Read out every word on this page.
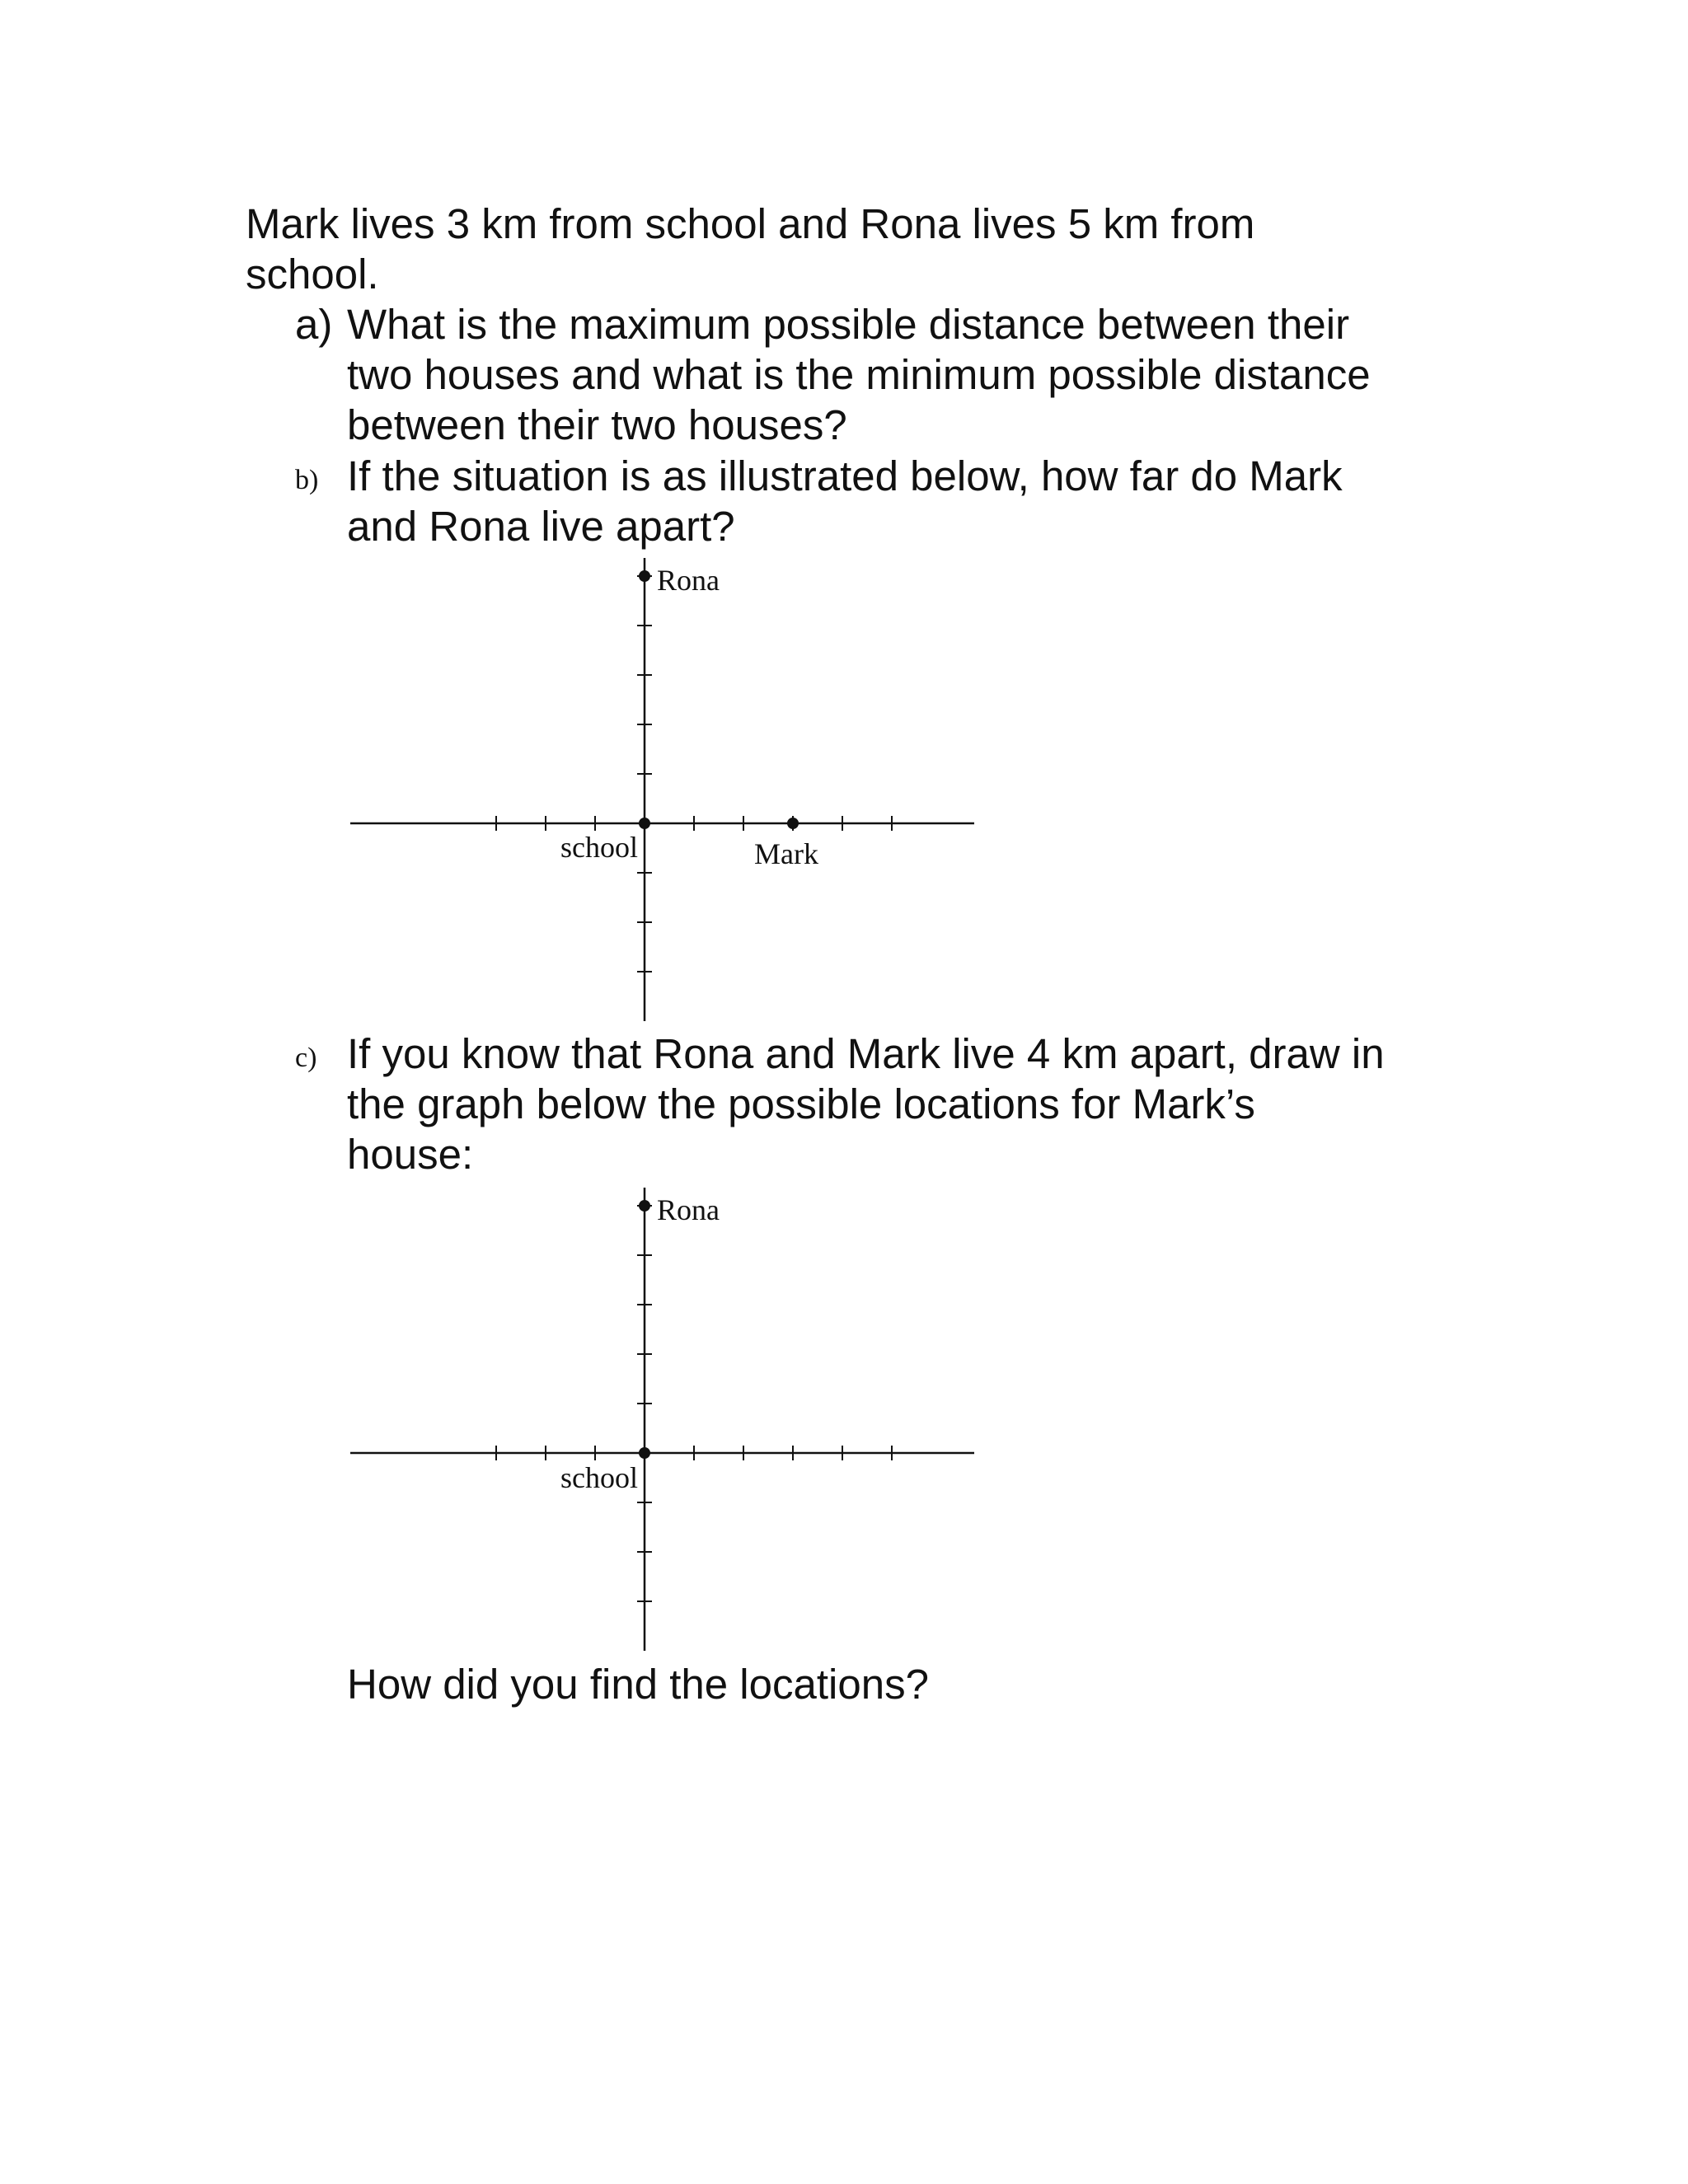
Mark lives 3 km from school and Rona lives 5 km from

school.

a) What is the maximum possible distance between their

two houses and what is the minimum possible distance

between their two houses?

b) If the situation is as illustrated below, how far do Mark

and Rona live apart?

Rona
school	Mark
c) If you know that Rona and Mark live 4 km apart, draw in

the graph below the possible locations for Mark’s

house:

Rona
school

How did you find the locations?
